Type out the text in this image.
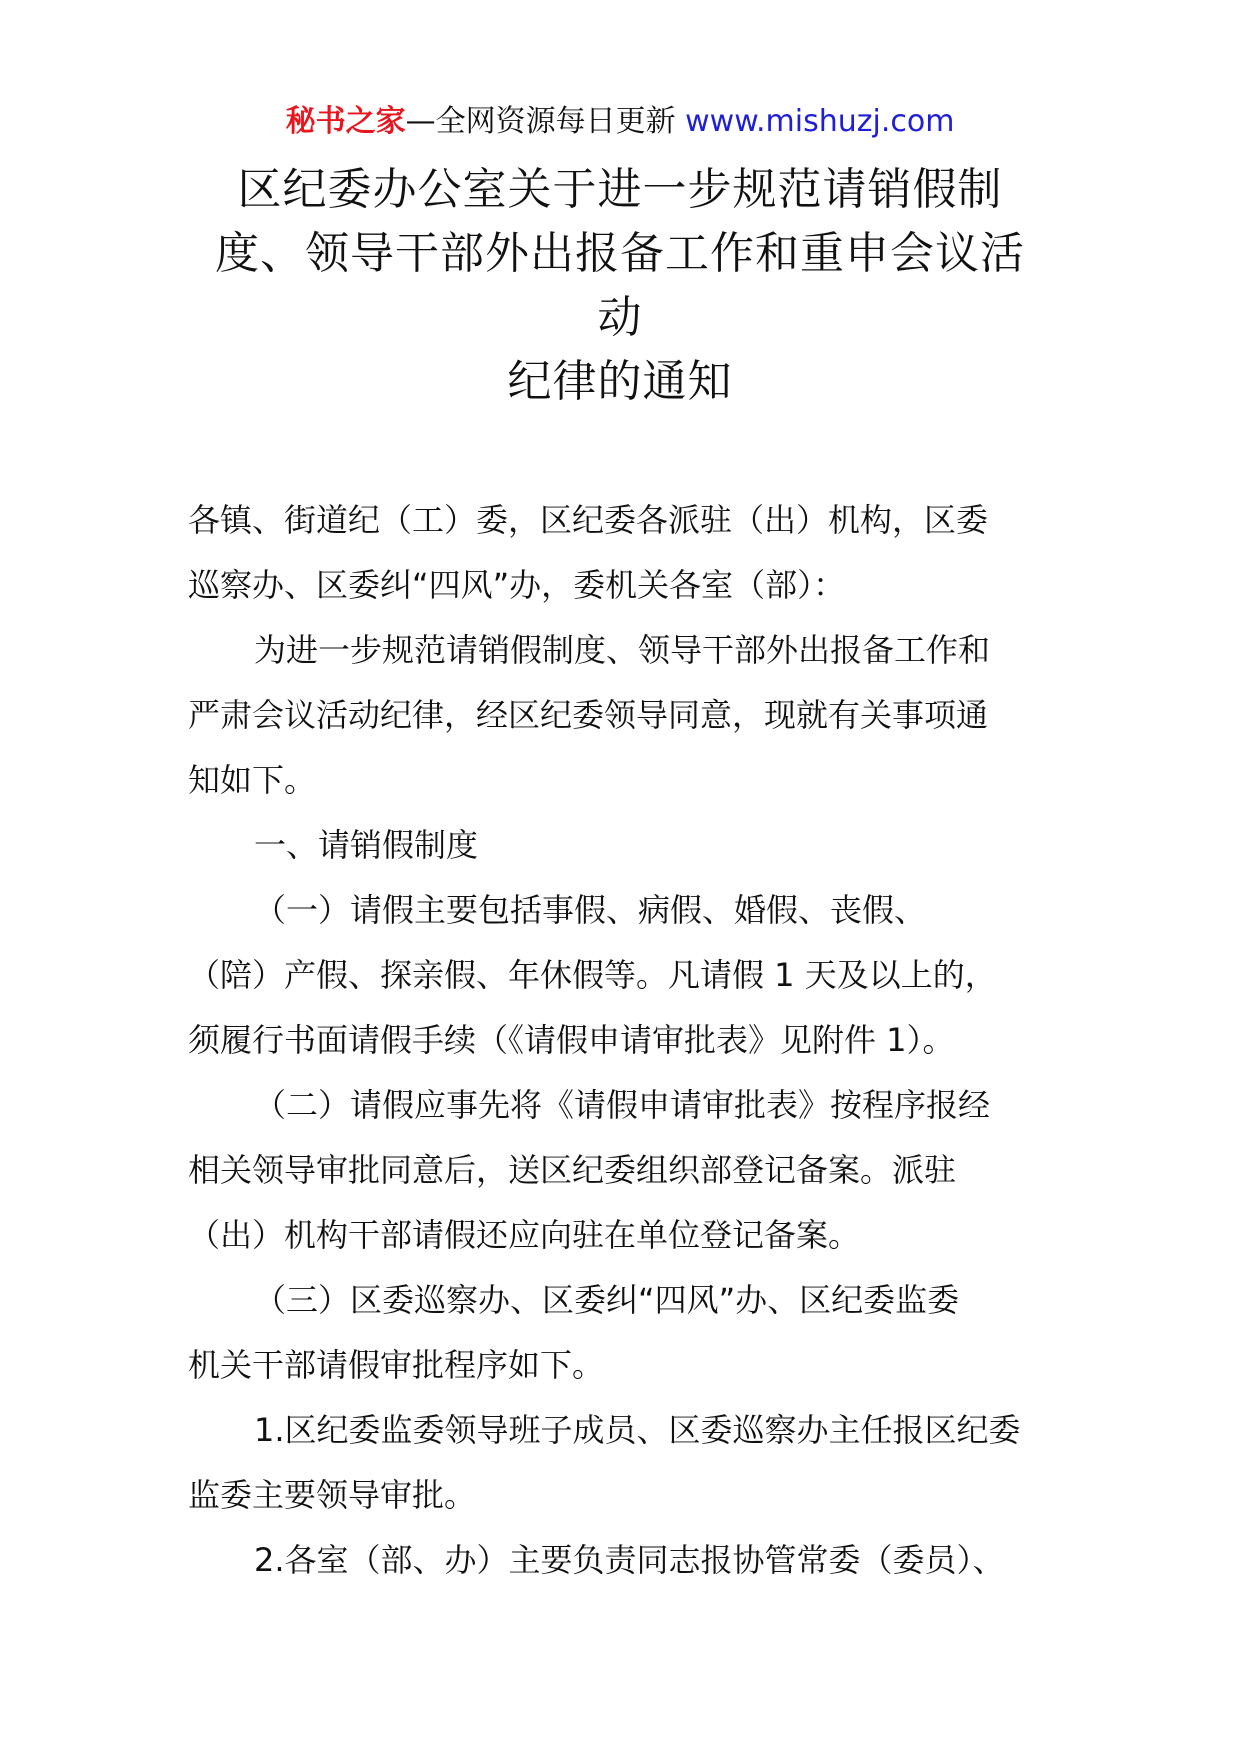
秘书之家—全网资源每日更新 www.mishuzj.com
区纪委办公室关于进一步规范请销假制
度、领导干部外出报备工作和重申会议活
动
纪律的通知

各镇、街道纪（工）委，区纪委各派驻（出）机构，区委
巡察办、区委纠“四风”办，委机关各室（部）：

为进一步规范请销假制度、领导干部外出报备工作和
严肃会议活动纪律，经区纪委领导同意，现就有关事项通
知如下。

一、请销假制度

（一）请假主要包括事假、病假、婚假、丧假、
（陪）产假、探亲假、年休假等。凡请假 1 天及以上的，
须履行书面请假手续（《请假申请审批表》见附件 1）。

（二）请假应事先将《请假申请审批表》按程序报经
相关领导审批同意后，送区纪委组织部登记备案。派驻
（出）机构干部请假还应向驻在单位登记备案。

（三）区委巡察办、区委纠“四风”办、区纪委监委
机关干部请假审批程序如下。

1.区纪委监委领导班子成员、区委巡察办主任报区纪委
监委主要领导审批。

2.各室（部、办）主要负责同志报协管常委（委员）、
